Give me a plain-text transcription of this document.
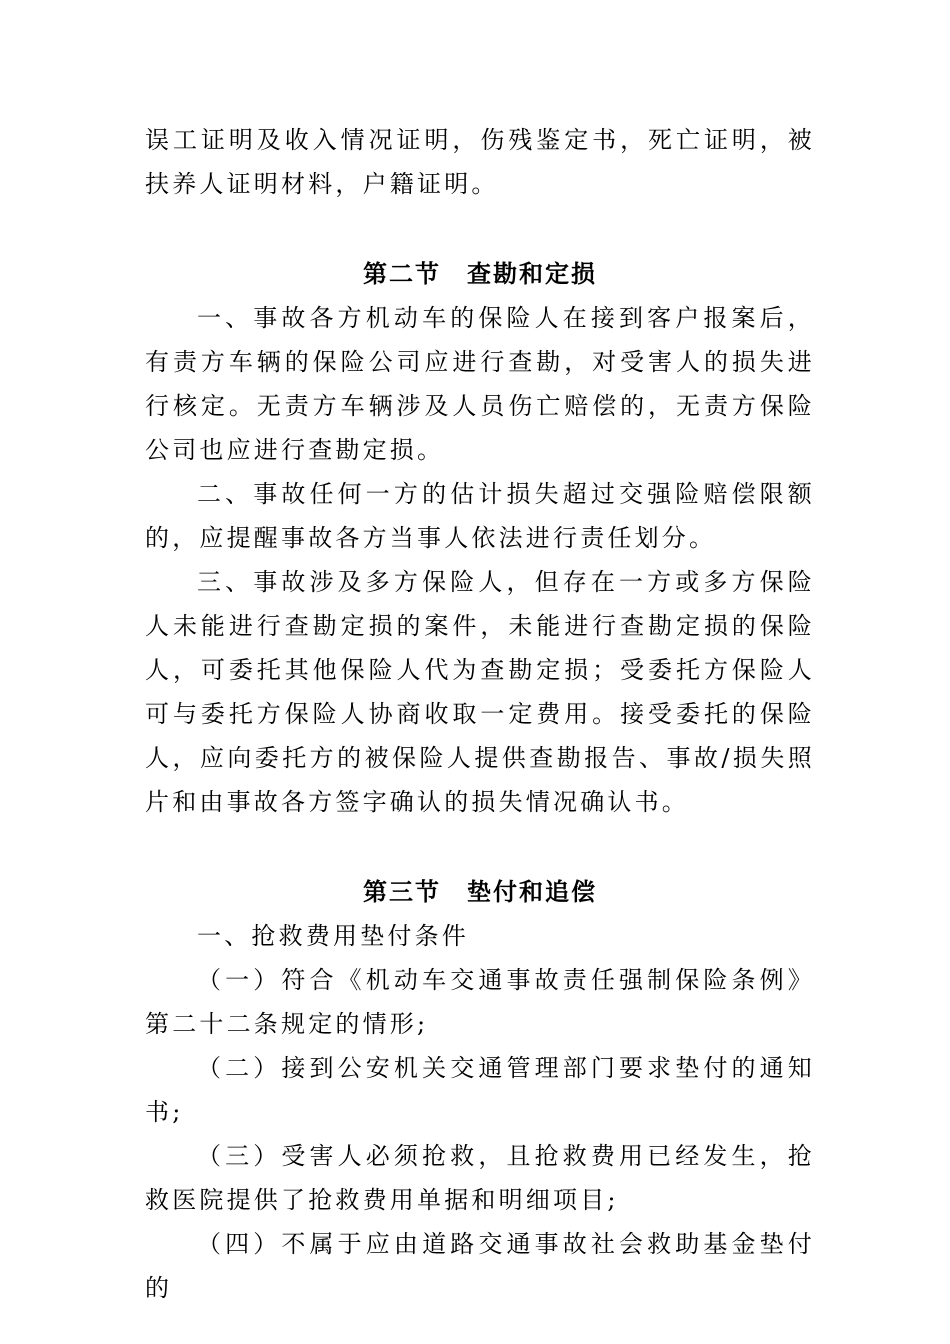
误工证明及收入情况证明，伤残鉴定书，死亡证明，被扶养人证明材料，户籍证明。

第二节　查勘和定损

一、事故各方机动车的保险人在接到客户报案后，有责方车辆的保险公司应进行查勘，对受害人的损失进行核定。无责方车辆涉及人员伤亡赔偿的，无责方保险公司也应进行查勘定损。

二、事故任何一方的估计损失超过交强险赔偿限额的，应提醒事故各方当事人依法进行责任划分。

三、事故涉及多方保险人，但存在一方或多方保险人未能进行查勘定损的案件，未能进行查勘定损的保险人，可委托其他保险人代为查勘定损；受委托方保险人可与委托方保险人协商收取一定费用。接受委托的保险人，应向委托方的被保险人提供查勘报告、事故/损失照片和由事故各方签字确认的损失情况确认书。

第三节　垫付和追偿

一、抢救费用垫付条件

（一）符合《机动车交通事故责任强制保险条例》第二十二条规定的情形;

（二）接到公安机关交通管理部门要求垫付的通知书;

（三）受害人必须抢救，且抢救费用已经发生，抢救医院提供了抢救费用单据和明细项目;

（四）不属于应由道路交通事故社会救助基金垫付的
